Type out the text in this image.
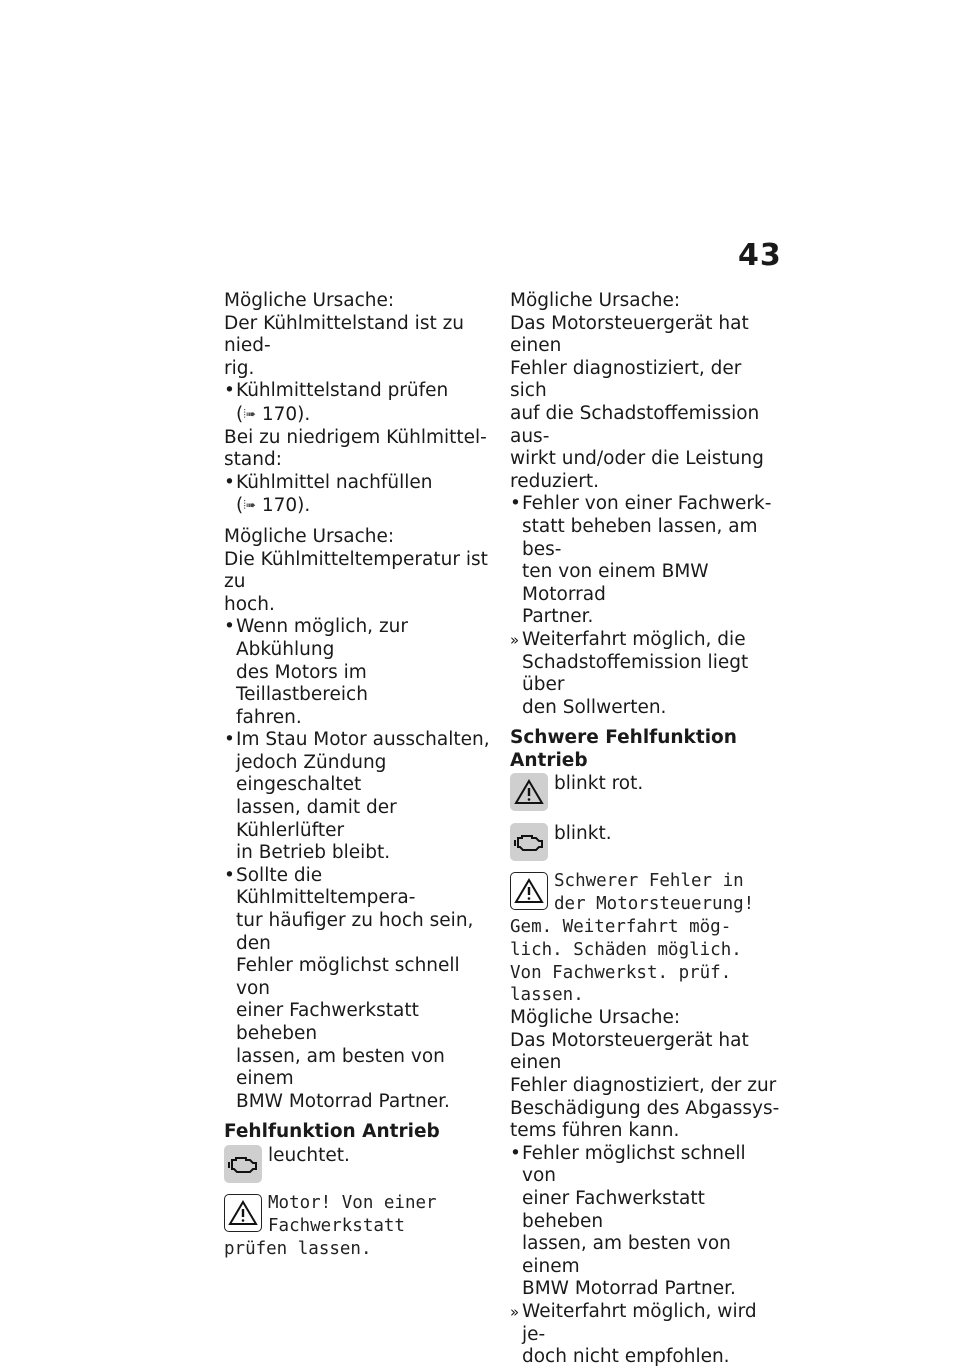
43

Mögliche Ursache:

Der Kühlmittelstand ist zu nied-

rig.

• Kühlmittelstand prüfen

(⦙➠ 170).

Bei zu niedrigem Kühlmittel-

stand:

• Kühlmittel nachfüllen

(⦙➠ 170).

Mögliche Ursache:

Die Kühlmitteltemperatur ist zu

hoch.

• Wenn möglich, zur Abkühlung

des Motors im Teillastbereich

fahren.

• Im Stau Motor ausschalten,

jedoch Zündung eingeschaltet

lassen, damit der Kühlerlüfter

in Betrieb bleibt.

• Sollte die Kühlmitteltempera-

tur häufiger zu hoch sein, den

Fehler möglichst schnell von

einer Fachwerkstatt beheben

lassen, am besten von einem

BMW Motorrad Partner.

Fehlfunktion Antrieb

leuchtet.
Motor! Von einer
Fachwerkstatt
prüfen lassen.

Mögliche Ursache:

Das Motorsteuergerät hat einen

Fehler diagnostiziert, der sich

auf die Schadstoffemission aus-

wirkt und/oder die Leistung

reduziert.

• Fehler von einer Fachwerk-

statt beheben lassen, am bes-

ten von einem BMW Motorrad

Partner.

» Weiterfahrt möglich, die

Schadstoffemission liegt über

den Sollwerten.

Schwere Fehlfunktion Antrieb

blinkt rot.
blinkt.
Schwerer Fehler in
der Motorsteuerung!
Gem. Weiterfahrt mög-
lich. Schäden möglich.
Von Fachwerkst. prüf.
lassen.

Mögliche Ursache:

Das Motorsteuergerät hat einen

Fehler diagnostiziert, der zur

Beschädigung des Abgassys-

tems führen kann.

• Fehler möglichst schnell von

einer Fachwerkstatt beheben

lassen, am besten von einem

BMW Motorrad Partner.

» Weiterfahrt möglich, wird je-

doch nicht empfohlen.
